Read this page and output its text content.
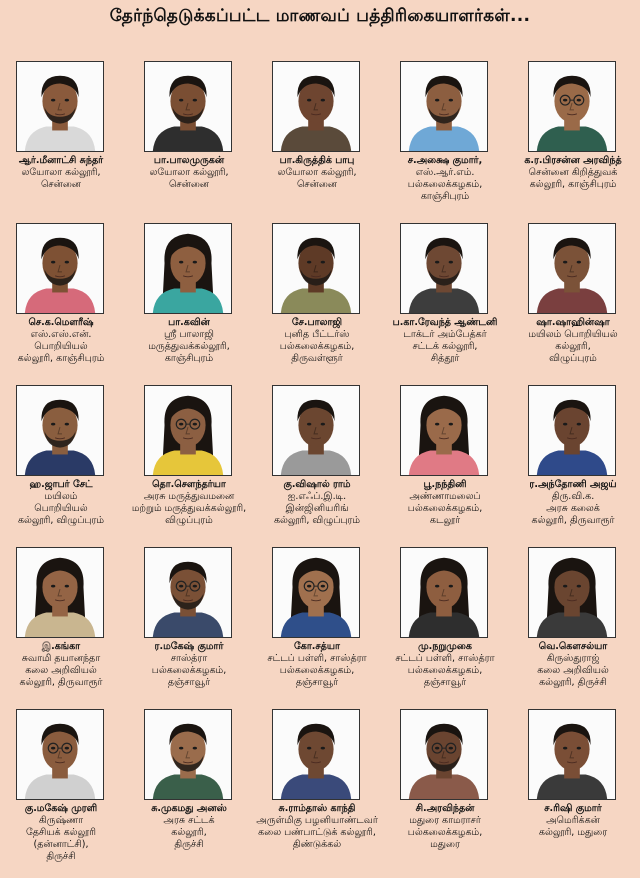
தேர்ந்தெடுக்கப்பட்ட மாணவப் பத்திரிகையாளர்கள்...
ஆர்.மீனாட்சி சுந்தர்
லயோலா கல்லூரி,
சென்னை
பா.பாலமுருகன்
லயோலா கல்லூரி,
சென்னை
பா.கிருத்திக் பாபு
லயோலா கல்லூரி,
சென்னை
ச.அக்ஷை குமார்,
எஸ்.ஆர்.எம்.
பல்கலைக்கழகம்,
காஞ்சிபுரம்
க.ர.பிரசன்ன அரவிந்த்
சென்னை கிறித்துவக்
கல்லூரி, காஞ்சிபுரம்
செ.க.மௌரீஷ்
எஸ்.எஸ்.என்.
பொறியியல்
கல்லூரி, காஞ்சிபுரம்
பா.கவின்
ஸ்ரீ பாலாஜி
மருத்துவக்கல்லூரி,
காஞ்சிபுரம்
சே.பாலாஜி
புனித பீட்டர்ஸ்
பல்கலைக்கழகம்,
திருவள்ளூர்
ப.கா.ரேவந்த் ஆண்டனி
டாக்டர் அம்பேத்கர்
சட்டக் கல்லூரி,
சித்தூர்
ஷா.ஷாஹின்ஷா
மயிலம் பொறியியல்
கல்லூரி,
விழுப்புரம்
ஹ.ஜாபர் சேட்
மயிலம்
பொறியியல்
கல்லூரி, விழுப்புரம்
தொ.சௌந்தர்யா
அரசு மருத்துவமனை
மற்றும் மருத்துவக்கல்லூரி,
விழுப்புரம்
கு.விஷால் ராம்
ஐ.எஃப்.இ.டி.
இன்ஜினியரிங்
கல்லூரி, விழுப்புரம்
பூ.நந்தினி
அண்ணாமலைப்
பல்கலைக்கழகம்,
கடலூர்
ர.அந்தோணி அஜய்
திரு.வி.க.
அரசு கலைக்
கல்லூரி, திருவாரூர்
இ.கங்கா
சுவாமி தயானந்தா
கலை அறிவியல்
கல்லூரி, திருவாரூர்
ர.மகேஷ் குமார்
சாஸ்த்ரா
பல்கலைக்கழகம்,
தஞ்சாவூர்
கோ.சத்யா
சட்டப் பள்ளி, சாஸ்த்ரா
பல்கலைக்கழகம்,
தஞ்சாவூர்
மு.நறுமுகை
சட்டப் பள்ளி, சாஸ்த்ரா
பல்கலைக்கழகம்,
தஞ்சாவூர்
வெ.கௌசல்யா
கிருஸ்துராஜ்
கலை அறிவியல்
கல்லூரி, திருச்சி
கு.மகேஷ் முரளி
கிருஷ்ணா
தேசியக் கல்லூரி
(தன்னாட்சி),
திருச்சி
சு.முகமது அனஸ்
அரசு சட்டக்
கல்லூரி,
திருச்சி
சு.ராம்தாஸ் காந்தி
அருள்மிகு பழனியாண்டவர்
கலை பண்பாட்டுக் கல்லூரி,
திண்டுக்கல்
சி.அரவிந்தன்
மதுரை காமராசர்
பல்கலைக்கழகம்,
மதுரை
ச.ரிஷி குமார்
அமெரிக்கன்
கல்லூரி, மதுரை
